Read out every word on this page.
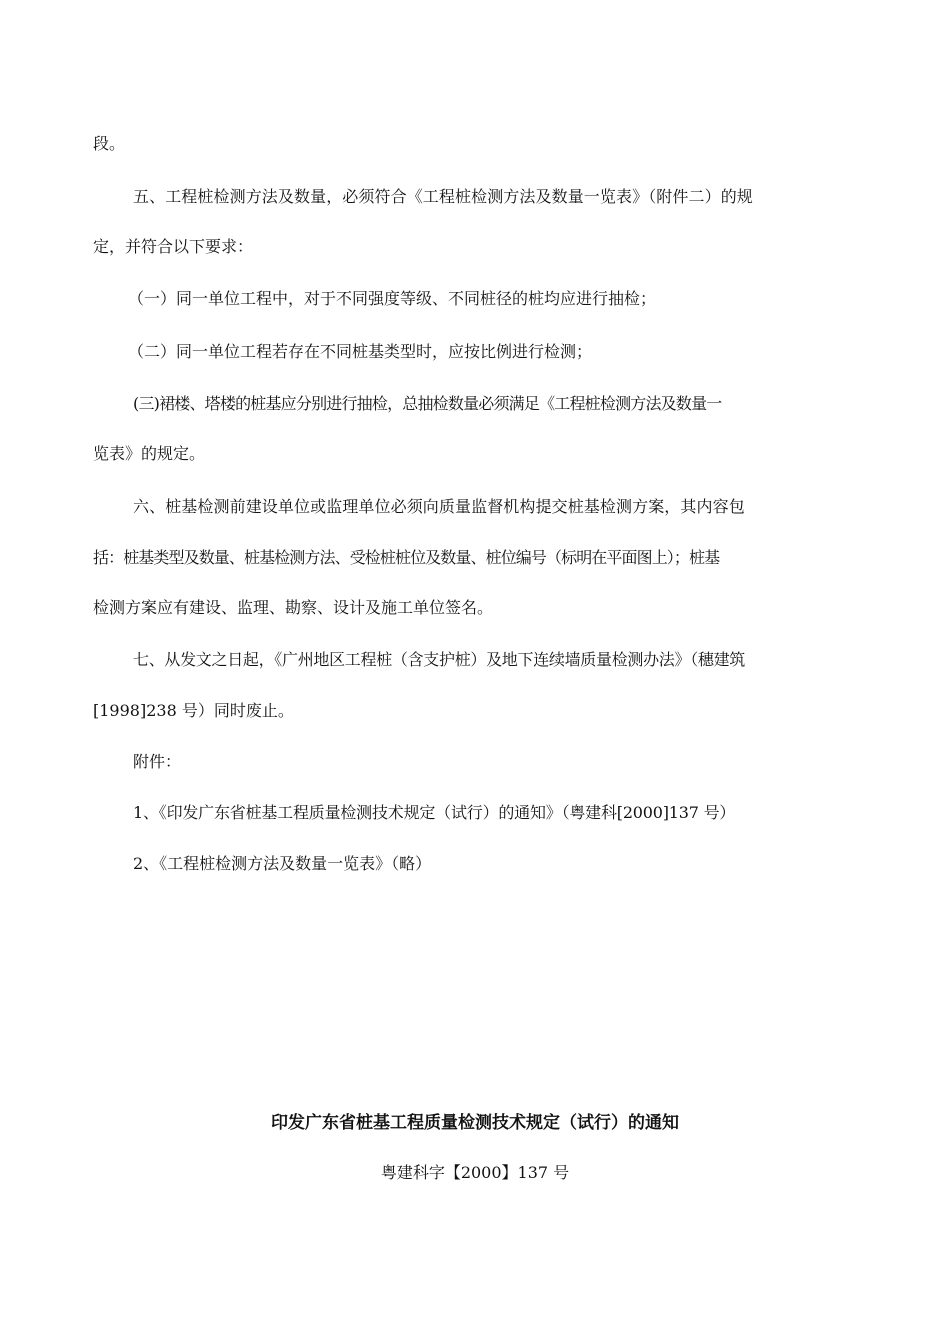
段。
五、工程桩检测方法及数量，必须符合《工程桩检测方法及数量一览表》（附件二）的规
定，并符合以下要求：
（一）同一单位工程中，对于不同强度等级、不同桩径的桩均应进行抽检；
（二）同一单位工程若存在不同桩基类型时，应按比例进行检测；
(三)裙楼、塔楼的桩基应分别进行抽检，总抽检数量必须满足《工程桩检测方法及数量一
览表》的规定。
六、桩基检测前建设单位或监理单位必须向质量监督机构提交桩基检测方案，其内容包
括：桩基类型及数量、桩基检测方法、受检桩桩位及数量、桩位编号（标明在平面图上）；桩基
检测方案应有建设、监理、勘察、设计及施工单位签名。
七、从发文之日起，《广州地区工程桩（含支护桩）及地下连续墙质量检测办法》（穗建筑
[1998]238 号）同时废止。
附件：
1、《印发广东省桩基工程质量检测技术规定（试行）的通知》（粤建科[2000]137 号）
2、《工程桩检测方法及数量一览表》（略）
印发广东省桩基工程质量检测技术规定（试行）的通知
粤建科字【2000】137 号
